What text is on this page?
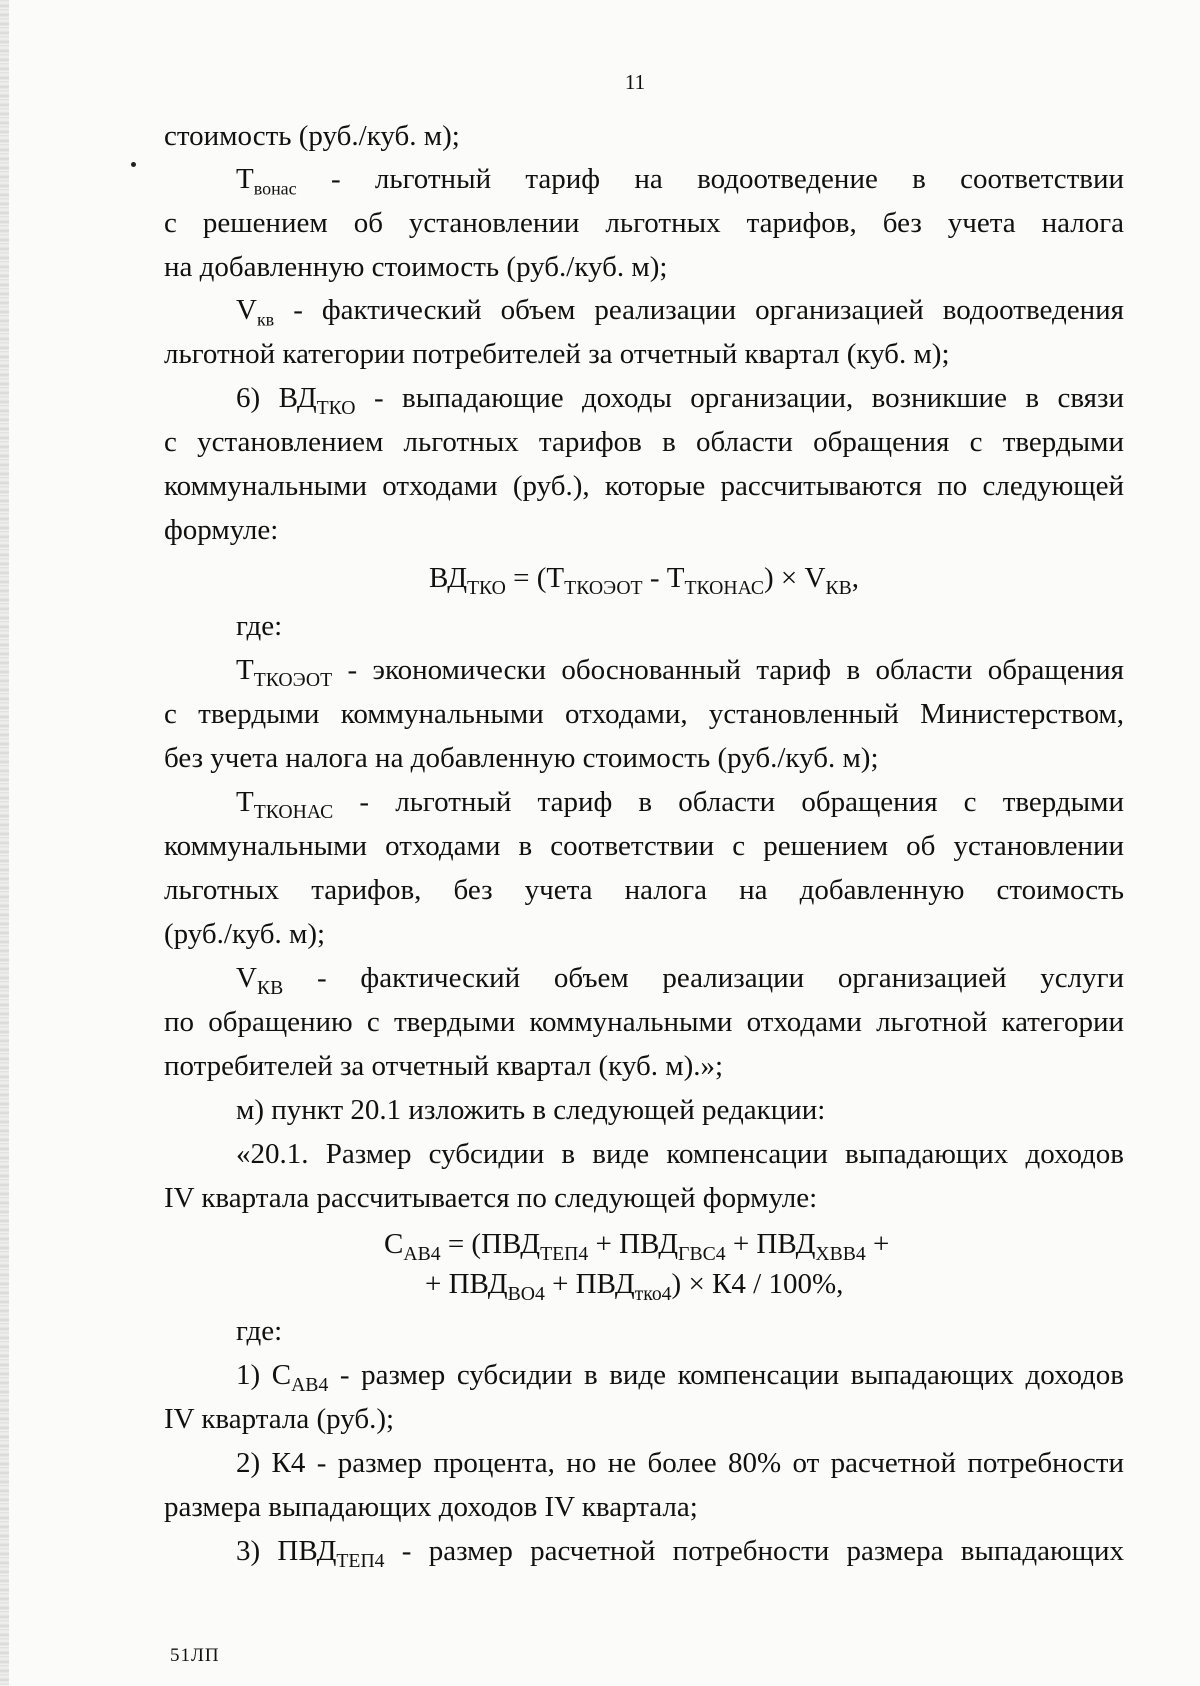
11
стоимость (руб./куб. м);
$Т_{вонас}$ - льготный тариф на водоотведение в соответствии
с решением об установлении льготных тарифов, без учета налога
на добавленную стоимость (руб./куб. м);
$V_{кв}$ - фактический объем реализации организацией водоотведения
льготной категории потребителей за отчетный квартал (куб. м);
6) $ВД_{ТКО}$ - выпадающие доходы организации, возникшие в связи
с установлением льготных тарифов в области обращения с твердыми
коммунальными отходами (руб.), которые рассчитываются по следующей
формуле:
$ВД_{ТКО} = (Т_{ТКОЭОТ} - Т_{ТКОНАС}) \times V_{КВ}$,
где:
$Т_{ТКОЭОТ}$ - экономически обоснованный тариф в области обращения
с твердыми коммунальными отходами, установленный Министерством,
без учета налога на добавленную стоимость (руб./куб. м);
$Т_{ТКОНАС}$ - льготный тариф в области обращения с твердыми
коммунальными отходами в соответствии с решением об установлении
льготных тарифов, без учета налога на добавленную стоимость
(руб./куб. м);
$V_{КВ}$ - фактический объем реализации организацией услуги
по обращению с твердыми коммунальными отходами льготной категории
потребителей за отчетный квартал (куб. м).»;
м) пункт 20.1 изложить в следующей редакции:
«20.1. Размер субсидии в виде компенсации выпадающих доходов
IV квартала рассчитывается по следующей формуле:
$С_{АВ4} = (ПВД_{ТЕП4} + ПВД_{ГВС4} + ПВД_{ХВВ4}$ +
+ $ПВД_{ВО4} + ПВД_{тко4}) \times К4 / 100\%$,
где:
1) $С_{АВ4}$ - размер субсидии в виде компенсации выпадающих доходов
IV квартала (руб.);
2) К4 - размер процента, но не более 80% от расчетной потребности
размера выпадающих доходов IV квартала;
3) $ПВД_{ТЕП4}$ - размер расчетной потребности размера выпадающих
51ЛП
